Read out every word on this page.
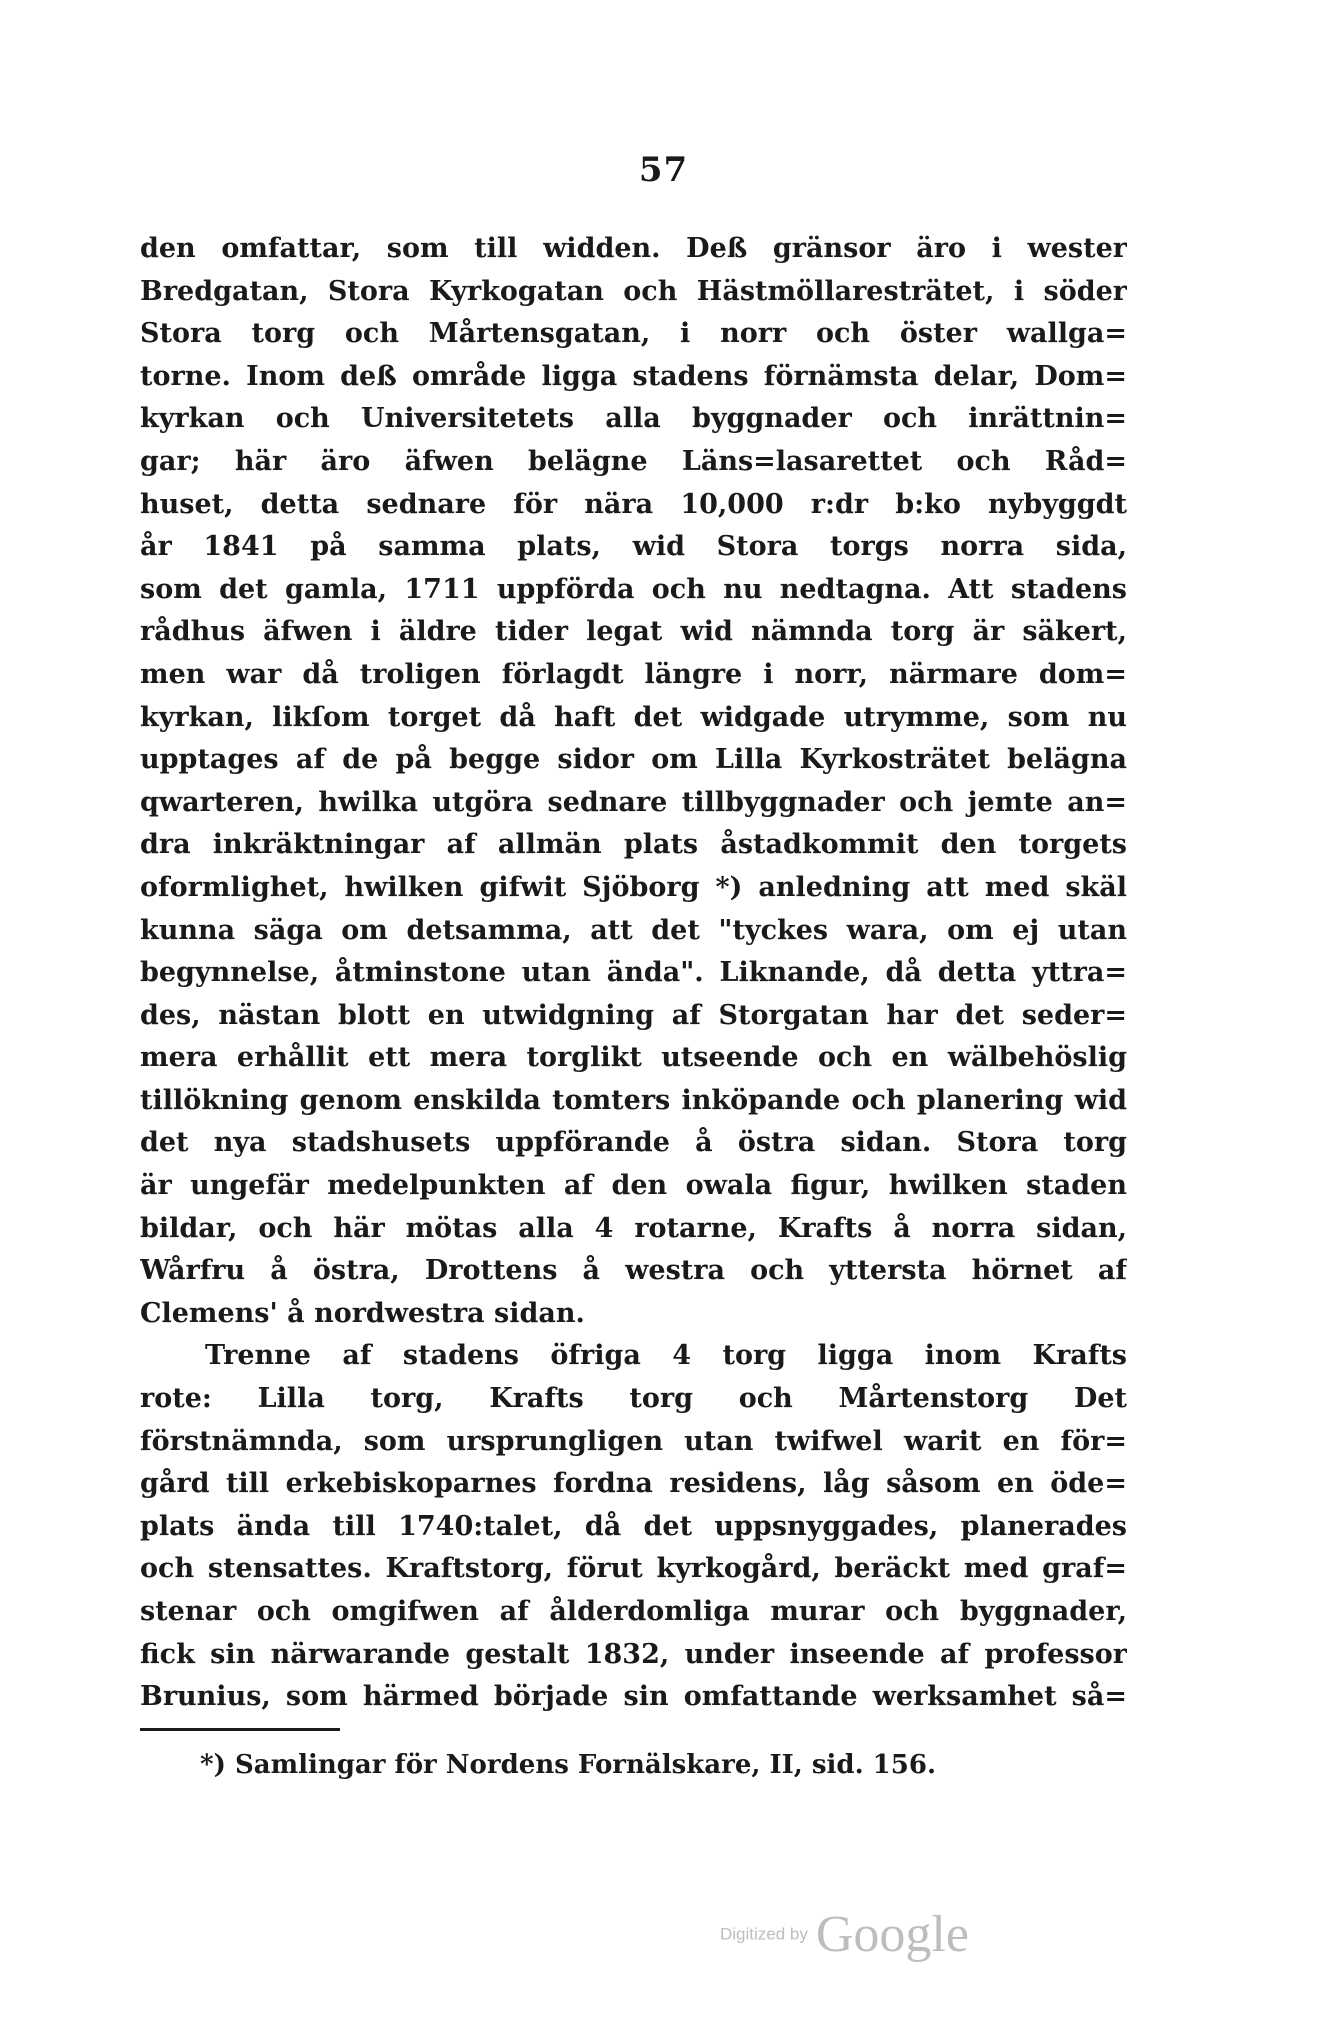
57
den omfattar, som till widden. Deß gränsor äro i wester
Bredgatan, Stora Kyrkogatan och Hästmöllaresträtet, i söder
Stora torg och Mårtensgatan, i norr och öster wallga=
torne. Inom deß område ligga stadens förnämsta delar, Dom=
kyrkan och Universitetets alla byggnader och inrättnin=
gar; här äro äfwen belägne Läns=lasarettet och Råd=
huset, detta sednare för nära 10,000 r:dr b:ko nybyggdt
år 1841 på samma plats, wid Stora torgs norra sida,
som det gamla, 1711 uppförda och nu nedtagna. Att stadens
rådhus äfwen i äldre tider legat wid nämnda torg är säkert,
men war då troligen förlagdt längre i norr, närmare dom=
kyrkan, likſom torget då haft det widgade utrymme, som nu
upptages af de på begge sidor om Lilla Kyrkosträtet belägna
qwarteren, hwilka utgöra sednare tillbyggnader och jemte an=
dra inkräktningar af allmän plats åstadkommit den torgets
oformlighet, hwilken gifwit Sjöborg *) anledning att med skäl
kunna säga om detsamma, att det "tyckes wara, om ej utan
begynnelse, åtminstone utan ända". Liknande, då detta yttra=
des, nästan blott en utwidgning af Storgatan har det seder=
mera erhållit ett mera torglikt utseende och en wälbehöslig
tillökning genom enskilda tomters inköpande och planering wid
det nya stadshusets uppförande å östra sidan. Stora torg
är ungefär medelpunkten af den owala figur, hwilken staden
bildar, och här mötas alla 4 rotarne, Krafts å norra sidan,
Wårfru å östra, Drottens å westra och yttersta hörnet af
Clemens' å nordwestra sidan.
Trenne af stadens öfriga 4 torg ligga inom Krafts
rote: Lilla torg, Krafts torg och Mårtenstorg Det
förstnämnda, som ursprungligen utan twifwel warit en för=
gård till erkebiskoparnes fordna residens, låg såsom en öde=
plats ända till 1740:talet, då det uppsnyggades, planerades
och stensattes. Kraftstorg, förut kyrkogård, beräckt med graf=
stenar och omgifwen af ålderdomliga murar och byggnader,
fick sin närwarande gestalt 1832, under inseende af professor
Brunius, som härmed började sin omfattande werksamhet så=
*) Samlingar för Nordens Fornälskare, II, sid. 156.
Digitized by Google
